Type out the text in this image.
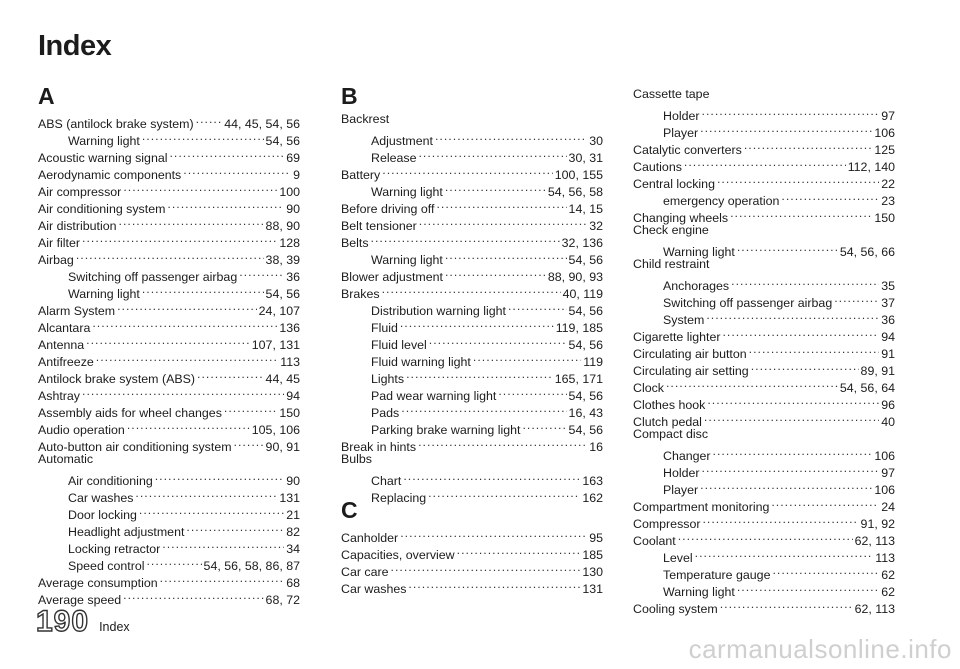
Index
A
ABS (antilock brake system) ..... 44, 45, 54, 56
Warning light .....	54, 56
Acoustic warning signal .....	69
Aerodynamic components .....	9
Air compressor .....	100
Air conditioning system .....	90
Air distribution .....	88, 90
Air filter .....	128
Airbag .....	38, 39
Switching off passenger airbag .....	36
Warning light .....	54, 56
Alarm System .....	24, 107
Alcantara .....	136
Antenna .....	107, 131
Antifreeze .....	113
Antilock brake system (ABS) .....	44, 45
Ashtray .....	94
Assembly aids for wheel changes .....	150
Audio operation .....	105, 106
Auto-button air conditioning system .....	90, 91
Automatic
Air conditioning .....	90
Car washes .....	131
Door locking .....	21
Headlight adjustment .....	82
Locking retractor .....	34
Speed control .....	54, 56, 58, 86, 87
Average consumption .....	68
Average speed .....	68, 72
B
Backrest
Adjustment .....	30
Release .....	30, 31
Battery .....	100, 155
Warning light .....	54, 56, 58
Before driving off .....	14, 15
Belt tensioner .....	32
Belts .....	32, 136
Warning light .....	54, 56
Blower adjustment .....	88, 90, 93
Brakes .....	40, 119
Distribution warning light .....	54, 56
Fluid .....	119, 185
Fluid level .....	54, 56
Fluid warning light .....	119
Lights .....	165, 171
Pad wear warning light .....	54, 56
Pads .....	16, 43
Parking brake warning light .....	54, 56
Break in hints .....	16
Bulbs
Chart .....	163
Replacing .....	162
C
Canholder .....	95
Capacities, overview .....	185
Car care .....	130
Car washes .....	131
Cassette tape
Holder .....	97
Player .....	106
Catalytic converters .....	125
Cautions .....	112, 140
Central locking .....	22
emergency operation .....	23
Changing wheels .....	150
Check engine
Warning light .....	54, 56, 66
Child restraint
Anchorages .....	35
Switching off passenger airbag .....	37
System .....	36
Cigarette lighter .....	94
Circulating air button .....	91
Circulating air setting .....	89, 91
Clock .....	54, 56, 64
Clothes hook .....	96
Clutch pedal .....	40
Compact disc
Changer .....	106
Holder .....	97
Player .....	106
Compartment monitoring .....	24
Compressor .....	91, 92
Coolant .....	62, 113
Level .....	113
Temperature gauge .....	62
Warning light .....	62
Cooling system .....	62, 113
190 Index
carmanualsonline.info
